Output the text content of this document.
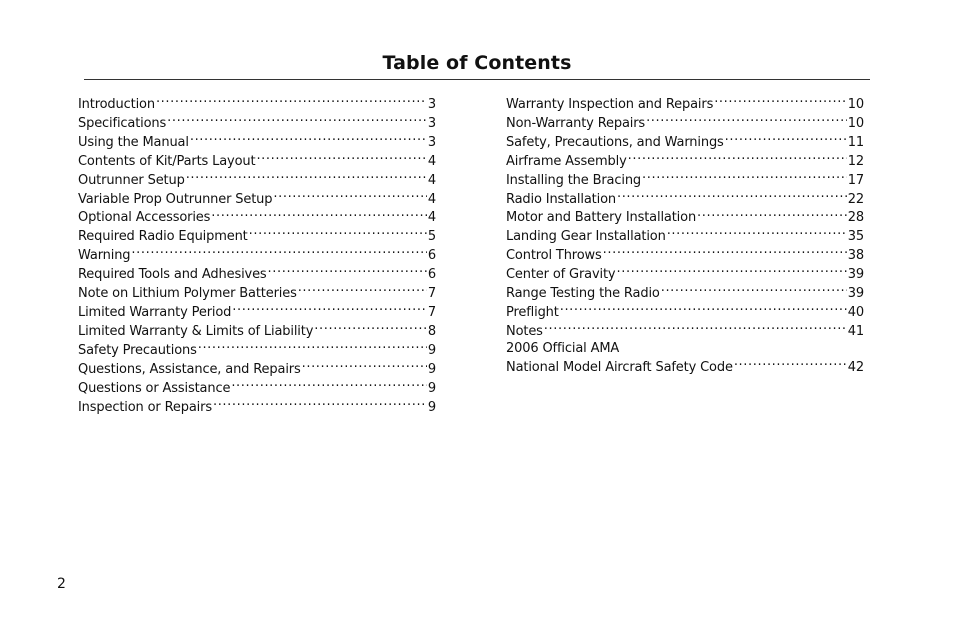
Table of Contents
Introduction .....	3
Specifications .....	3
Using the Manual .....	3
Contents of Kit/Parts Layout .....	4
Outrunner Setup .....	4
Variable Prop Outrunner Setup .....	4
Optional Accessories .....	4
Required Radio Equipment .....	5
Warning .....	6
Required Tools and Adhesives .....	6
Note on Lithium Polymer Batteries .....	7
Limited Warranty Period .....	7
Limited Warranty & Limits of Liability .....	8
Safety Precautions .....	9
Questions, Assistance, and Repairs .....	9
Questions or Assistance .....	9
Inspection or Repairs .....	9
Warranty Inspection and Repairs .....	10
Non-Warranty Repairs .....	10
Safety, Precautions, and Warnings .....	11
Airframe Assembly .....	12
Installing the Bracing .....	17
Radio Installation .....	22
Motor and Battery Installation .....	28
Landing Gear Installation .....	35
Control Throws .....	38
Center of Gravity .....	39
Range Testing the Radio .....	39
Preflight .....	40
Notes .....	41
2006 Official AMA
National Model Aircraft Safety Code .....	42
2
